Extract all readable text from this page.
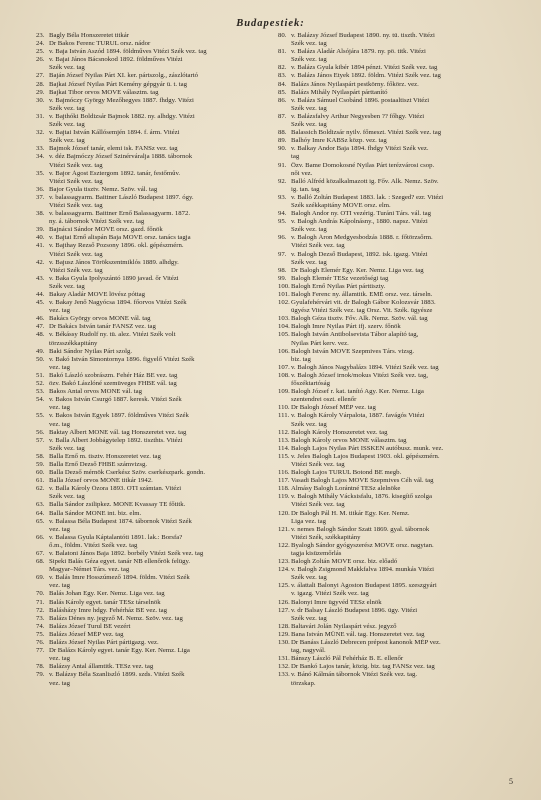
Budapestiek:
23. Bagly Béla Honszeretet titkár
24. Dr Bakos Ferenc TURUL orsz. nádor
25. v. Baja István Aszód 1894. földműves Vitézi Szék vez. tag
26. v. Bajai János Bácsnokod 1892. földműves Vitézi
Szék vez. tag
27. Baján József Nyilas Párt XI. ker. pártszolg., zászlótartó
28. Bajkai József Nyilas Párt Kemény gépgyár ü. t. tag
29. Bajkai Tibor orvos MOVE választm. tag
30. v. Bajmóczy György Mezőhegyes 1887. fhdgy. Vitézi
Szék vez. tag
31. v. Bajthóki Boldizsár Bajmok 1882. ny. alhdgy. Vitézi
Szék vez. tag
32. v. Bajtai István Kállósemjén 1894. f. árm. Vitézi
Szék vez. tag
33. Bajmok József tanár, elemi isk. FANSz vez. tag
34. v. déz Bajmóczy József Szinérváralja 1888. tábornok
Vitézi Szék vez. tag
35. v. Bajor Ágost Esztergom 1892. tanár, festőmův.
Vitézi Szék vez. tag
36. Bajor Gyula tisztv. Nemz. Szöv. vál. tag
37. v. balassagyarm. Baittner László Budapest 1897. ógy.
Vitézi Szék vez. tag
38. v. balassagyarm. Baittner Ernő Balassagyarm. 1872.
ny. á. tábornok Vitézi Szék vez. tag
39. Bajnácsi Sándor MOVE orsz. gazd. főnök
40. v. Bajtai Ernő alispán Baja MOVE orsz. tanács tagja
41. v. Bajthay Rezső Pozsony 1896. okl. gépészmérn.
Vitézi Szék vez. tag
42. v. Bajusz János Törökszentmiklós 1889. alhdgy.
Vitézi Szék vez. tag
43. v. Baka Gyula Ipolyszántó 1890 javad. őr Vitézi
Szék vez. tag
44. Bakay Aladár MOVE lövész póttag
45. v. Bakay Jenő Nagyócsa 1894. főorvos Vitézi Szék
vez. tag
46. Bakács György orvos MONE vál. tag
47. Dr Bakács István tanár FANSZ vez. tag
48. v. Békássy Rudolf ny. tü. alez. Vitézi Szék volt
törzsszékkapitány
49. Baki Sándor Nyilas Párt szolg.
50. v. Bakó István Simontornya 1896. figyelő Vitézi Szék
vez. tag
51. Bakó László szobrászm. Fehér Ház BE vez. tag
52. özv. Bakó Lászlóné szemüveges FHBE vál. tag
53. Bakos Antal orvos MONE vál. tag
54. v. Bakos István Csurgó 1887. keresk. Vitézi Szék
vez. tag
55. v. Bakos István Egyek 1897. földműves Vitézi Szék
vez. tag
56. Baktay Albert MONE vál. tag Honszeretet vez. tag
57. v. Balla Albert Jobbágytelep 1892. tiszthts. Vitézi
Szék vez. tag
58. Balla Ernő m. tisztv. Honszeretet vez. tag
59. Balla Ernő Dezső FHBE számvizsg.
60. Balla Dezső mérnök Cserkész Szöv. cserkészpark. gondn.
61. Balla József orvos MONE titkár 1942.
62. v. Balla Károly Ózora 1893. OTI számtan. Vitézi
Szék vez. tag
63. Balla Sándor zsilipkez. MONE Kvassay TE főtitk.
64. Balla Sándor MONE int. biz. elm.
65. v. Balassa Béla Budapest 1874. tábornok Vitézi Szék
vez. tag
66. v. Balassa Gyula Káptalantóti 1891. lak.: Borsfa?
ő.m., földm. Vitézi Szék vez. tag
67. v. Balatoni János Baja 1892. borbély Vitézi Szék vez. tag
68. Sipeki Balás Géza egyet. tanár NB ellenőrök felügy.
Magyar–Német Társ. vez. tag
69. v. Balás Imre Hosszúmező 1894. földm. Vitézi Szék
vez. tag
70. Balás Johan Egy. Ker. Nemz. Liga vez. tag
71. Balás Károly egyet. tanár TESz társelnök
72. Balásházy Imre hdgy. Fehérház BE vez. tag
73. Balázs Dénes ny. jegyző M. Nemz. Szöv. vez. tag
74. Balázs József Turul BE vezért
75. Balázs József MÉP vez. tag
76. Balázs József Nyilas Párt pártigazg. vez.
77. Dr Balázs Károly egyet. tanár Egy. Ker. Nemz. Liga
vez. tag
78. Balázsy Antal államtitk. TESz vez. tag
79. v. Balázsy Béla Szanliszló 1899. szds. Vitézi Szék
vez. tag
80. v. Balázsy József Budapest 1890. ny. tü. tiszth. Vitézi
Szék vez. tag
81. v. Balázs Aladár Alsójára 1879. ny. pö. titk. Vitézi
Szék vez. tag
82. v. Balázs Gyula kibér 1894 pénzt. Vitézi Szék vez. tag
83. v. Balázs János Etyek 1892. földm. Vitézi Szék vez. tag
84. Balázs János Nyilaspárt pestkörny. főkörz. vez.
85. Balázs Mihály Nyilaspárt párttanító
86. v. Balázs Sámuel Csobánd 1896. postaaltiszt Vitézi
Szék vez. tag
87. v. Balázsfalvy Arthur Negyesben ?? főhgy. Vitézi
Szék vez. tag
88. Balassich Boldizsár nyilv. főmeszt. Vitézi Szék vez. tag
89. Balhóy Imre KABSz közp. vez. tag
90. v. Balkay Andor Baja 1894. fhdgy Vitézi Szék vez.
tag
91. Özv. Bame Domokosné Nyilas Párt terézvárosi csop.
női vez.
92. Balló Alfréd közalkalmazott ig. Főv. Alk. Nemz. Szöv.
ig. tan. tag
93. v. Balló Zoltán Budapest 1883. lak. : Szeged? ezr. Vitézi
Szék székkapitány MOVE orsz. elm.
94. Balogh Andor ny. OTI vezérig. Turáni Társ. vál. tag
95. v. Balogh András Kápolnásny., 1880. napsz. Vitézi
Szék vez. tag
96. v. Balogh Áron Medgyesbodzás 1888. r. főtörzsőrm.
Vitézi Szék vez. tag
97. v. Balogh Dezső Budapest, 1892. isk. igazg. Vitézi
Szék vez. tag
98. Dr Balogh Elemér Egy. Ker. Nemz. Liga vez. tag
99. Balogh Elemér TESz vezetőségi tag
100.Balogh Ernő Nyilas Párt párttiszty.
101.Balogh Ferenc ny. államtitk. EMÉ orsz. vez. társeln.
102.Gyulafehérvári vit. dr Balogh Gábor Kolozsvár 1883.
ügyész Vitézi Szék vez. tag Orsz. Vit. Szék. ügyésze
103.Balogh Géza tisztv. Főv. Alk. Nemz. Szöv. vál. tag
104.Balogh Imre Nyilas Párt ifj. szerv. főnök
105.Balogh István Antibolsevista Tábor alapító tag,
Nyilas Párt kerv. vez.
106.Balogh István MOVE Szepmives Társ. vizsg.
biz. tag
107.v. Balogh János Nagybalázs 1894. Vitézi Szék vez. tag
108.v. Balogh József irnok/mokus Vitézi Szék vez. tag,
főszéktartóság
109.Balogh József r. kat. tanító Agy. Ker. Nemz. Liga
szentendrei oszt. ellenőr
110.Dr Balogh József MÉP vez. tag
111. v. Balogh Károly Várpalota, 1887. favágós Vitézi
Szék vez. tag
112.Balogh Károly Honszeretet vez. tag
113.Balogh Károly orvos MONE választm. tag
114.Balogh Lajos Nyilas Párt ISSKEN autóbusz. munk. vez.
115.v. Jeles Balogh Lajos Budapest 1903. okl. gépészmérn.
Vitézi Szék vez. tag
116.Balogh Lajos TURUL Botond BE megb.
117.Vasadi Balogh Lajos MOVE Szepmives Céh vál. tag
118.Almásy Balogh Lorántné TESz alelnöke
119.v. Balogh Mihály Vácksisfalu, 1876. kisegítő szolga
Vitézi Szék vez. tag
120.Dr Balogh Pál H. M. titkár Egy. Ker. Nemz.
Liga vez. tag
121.v. nemes Balogh Sándor Szatt 1869. gyal. tábornok
Vitézi Szék, székkapitány
122.Byalogh Sándor gyógyszerész MOVE orsz. nagytan.
tagja kisüzemőrlás
123.Balogh Zoltán MOVE orsz. biz. előadó
124.v. Balogh Zsigmond Makkfalva 1894. munkás Vitézi
Szék vez. tag
125.v. álattali Balonyi Ágoston Budapest 1895. szeszgyári
v. igazg. Vitézi Szék vez. tag
126.Balonyi Imre ügyvéd TESz elnök
127.v. dr Balsay László Budapest 1896. ügy. Vitézi
Szék vez. tag
128.Baltavári Jolán Nyilaspárt vész. jegyző
129.Bana István MÜNE vál. tag. Honszeretet vez. tag
130.Dr Banáss László Debrecen prépost kanonok MÉP vez.
tag, nagyvál.
131.Bánszy László Pál Fehérház B. E. ellenőr
132.Dr Bankó Lajos tanár, közig. biz. tag FANSz vez. tag
133.v. Bánó Kálmán tábornok Vitézi Szék vez. tag.
törzskap.
5
